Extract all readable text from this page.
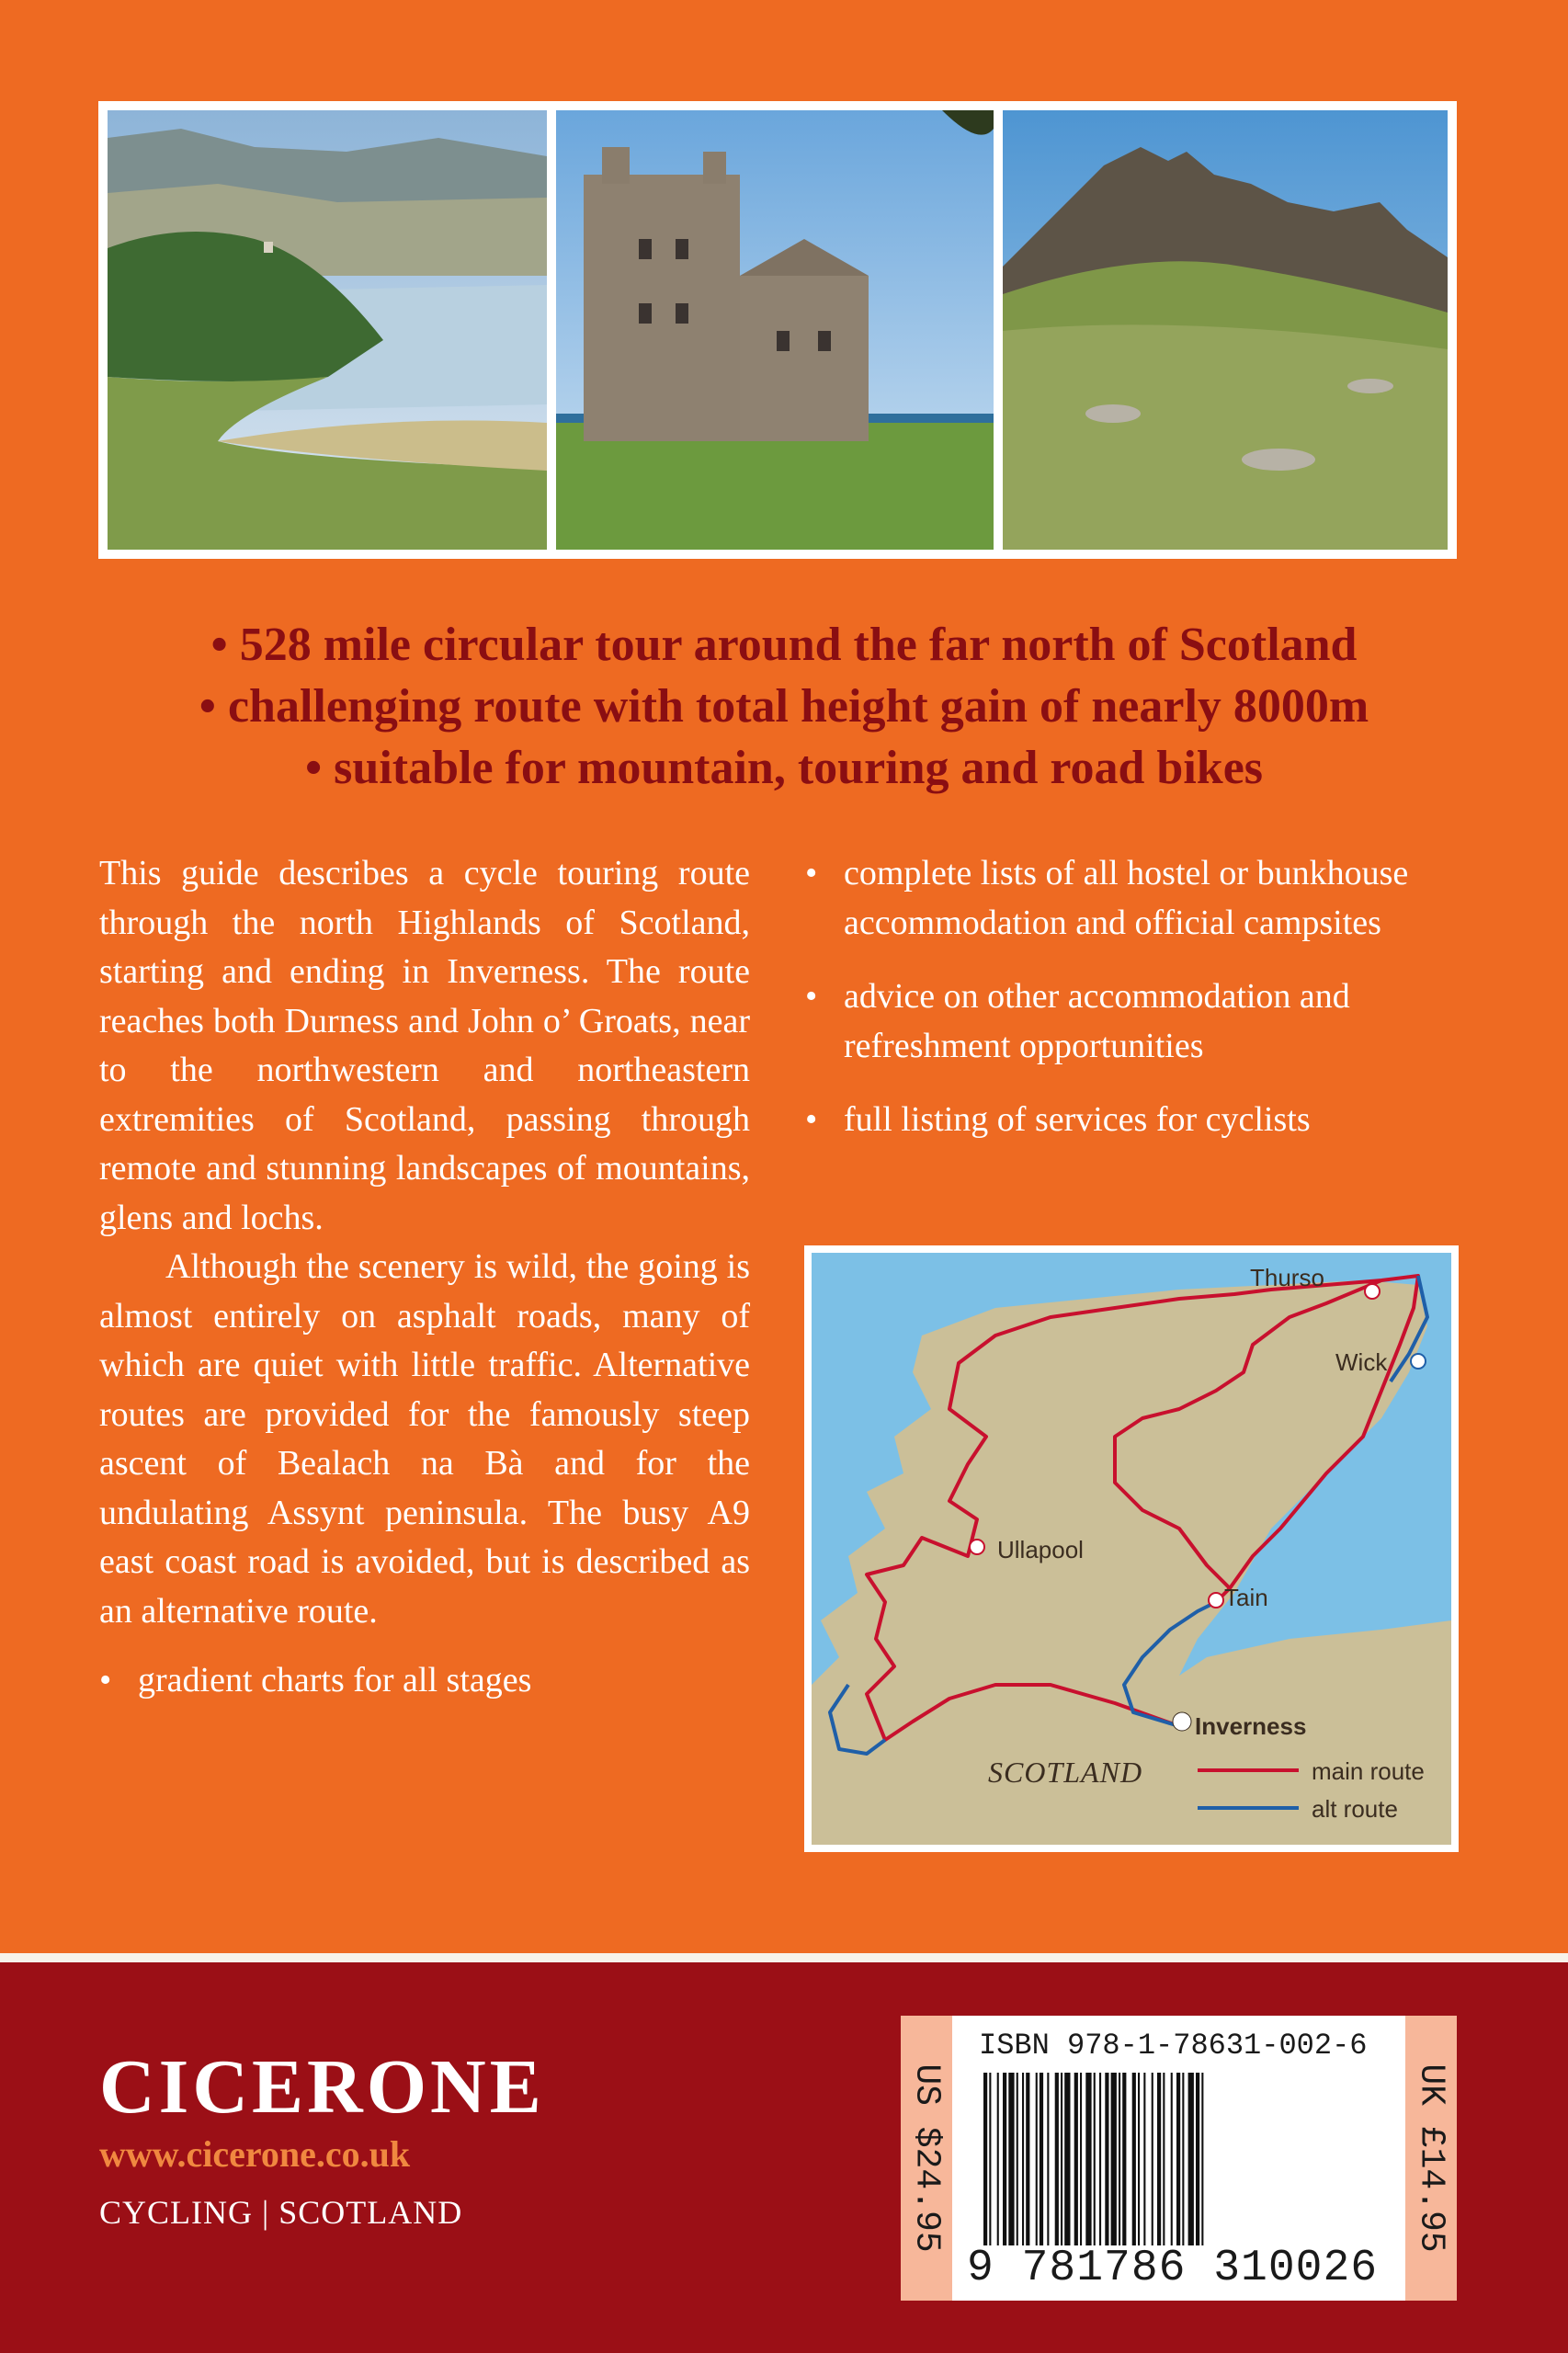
• 528 mile circular tour around the far north of Scotland
• challenging route with total height gain of nearly 8000m
• suitable for mountain, touring and road bikes

This guide describes a cycle touring route through the north Highlands of Scotland, starting and ending in Inverness. The route reaches both Durness and John o’ Groats, near to the northwestern and northeastern extremities of Scotland, passing through remote and stunning landscapes of mountains, glens and lochs.

Although the scenery is wild, the going is almost entirely on asphalt roads, many of which are quiet with little traffic. Alternative routes are provided for the famously steep ascent of Bealach na Bà and for the undulating Assynt peninsula. The busy A9 east coast road is avoided, but is described as an alternative route.

• gradient charts for all stages
• complete lists of all hostel or bunkhouse accommodation and official campsites
• advice on other accommodation and refreshment opportunities
• full listing of services for cyclists
Thurso
Wick
Ullapool
Tain
Inverness
SCOTLAND	main route
alt route
CICERONE
www.cicerone.co.uk
CYCLING | SCOTLAND	US $24.95	UK £14.95
ISBN 978-1-78631-002-6
9 781786 310026
